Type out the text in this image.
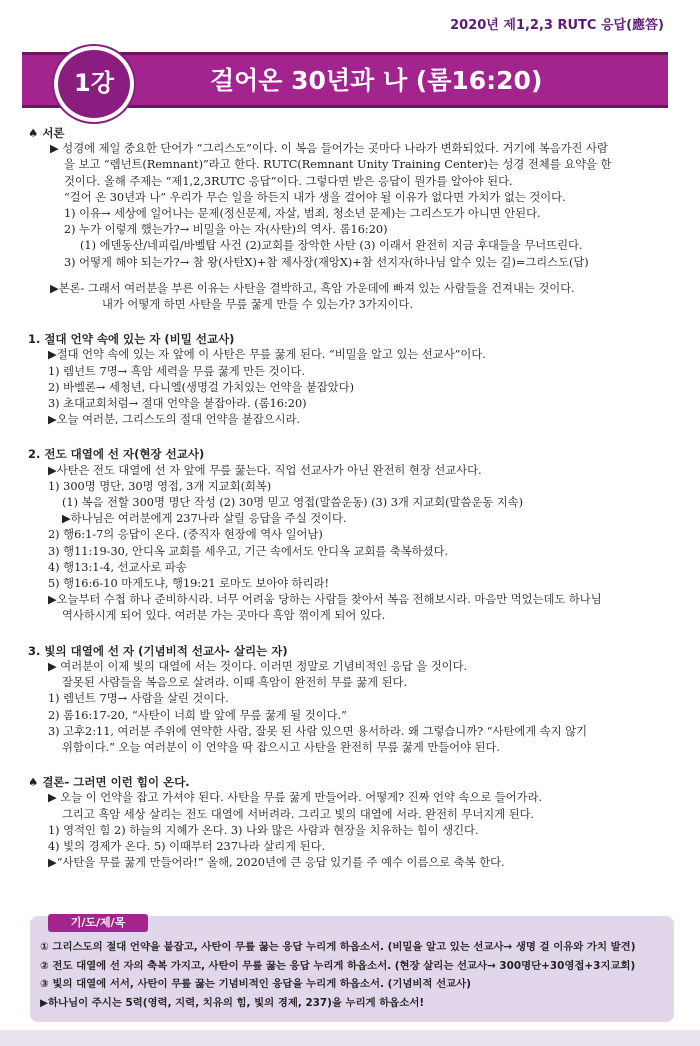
2020년 제1,2,3 RUTC 응답(應答)
1강	걸어온 30년과 나 (롬16:20)
♠ 서론
▶ 성경에 제일 중요한 단어가 “그리스도”이다. 이 복음 들어가는 곳마다 나라가 변화되었다. 거기에 복음가진 사람
을 보고 “렘넌트(Remnant)”라고 한다. RUTC(Remnant Unity Training Center)는 성경 전체를 요약을 한
것이다. 올해 주제는 “제1,2,3RUTC 응답”이다. 그렇다면 받은 응답이 뭔가를 알아야 된다.
“걸어 온 30년과 나” 우리가 무슨 일을 하든지 내가 생을 걸어야 될 이유가 없다면 가치가 없는 것이다.
1) 이유→ 세상에 일어나는 문제(정신문제, 자살, 범죄, 청소년 문제)는 그리스도가 아니면 안된다.
2) 누가 이렇게 했는가?→ 비밀을 아는 자(사탄)의 역사. 롬16:20)
(1) 에덴동산/네피림/바벨탑 사건 (2)교회를 장악한 사탄 (3) 이래서 완전히 지금 후대들을 무너뜨린다.
3) 어떻게 해야 되는가?→ 참 왕(사탄X)+참 제사장(재앙X)+참 선지자(하나님 알수 있는 길)=그리스도(답)
▶본론- 그래서 여러분을 부른 이유는 사탄을 결박하고, 흑암 가운데에 빠져 있는 사람들을 건져내는 것이다.
내가 어떻게 하면 사탄을 무릎 꿇게 만들 수 있는가? 3가지이다.
1. 절대 언약 속에 있는 자 (비밀 선교사)
▶절대 언약 속에 있는 자 앞에 이 사탄은 무릎 꿇게 된다. “비밀을 알고 있는 선교사”이다.
1) 렘넌트 7명→ 흑암 세력을 무릎 꿇게 만든 것이다.
2) 바벨론→ 세청년, 다니엘(생명걸 가치있는 언약을 붙잡았다)
3) 초대교회처럼→ 절대 언약을 붙잡아라. (롬16:20)
▶오늘 여러분, 그리스도의 절대 언약을 붙잡으시라.
2. 전도 대열에 선 자(현장 선교사)
▶사탄은 전도 대열에 선 자 앞에 무릎 꿇는다. 직업 선교사가 아닌 완전히 현장 선교사다.
1) 300명 명단, 30명 영접, 3개 지교회(회복)
(1) 복음 전할 300명 명단 작성 (2) 30명 믿고 영접(말씀운동) (3) 3개 지교회(말씀운동 지속)
▶하나님은 여러분에게 237나라 살릴 응답을 주실 것이다.
2) 행6:1-7의 응답이 온다. (중직자 현장에 역사 일어남)
3) 행11:19-30, 안디옥 교회를 세우고, 기근 속에서도 안디옥 교회를 축복하셨다.
4) 행13:1-4, 선교사로 파송
5) 행16:6-10 마게도냐, 행19:21 로마도 보아야 하리라!
▶오늘부터 수첩 하나 준비하시라. 너무 어려움 당하는 사람들 찾아서 복음 전해보시라. 마음만 먹었는데도 하나님
역사하시게 되어 있다. 여러분 가는 곳마다 흑암 꺾이게 되어 있다.
3. 빛의 대열에 선 자 (기념비적 선교사- 살리는 자)
▶ 여러분이 이제 빛의 대열에 서는 것이다. 이러면 정말로 기념비적인 응답 을 것이다.
잘못된 사람들을 복음으로 살려라. 이때 흑암이 완전히 무릎 꿇게 된다.
1) 렘넌트 7명→ 사람을 살린 것이다.
2) 롬16:17-20, “사탄이 너희 발 앞에 무릎 꿇게 될 것이다.”
3) 고후2:11, 여러분 주위에 연약한 사람, 잘못 된 사람 있으면 용서하라. 왜 그렇습니까? “사탄에게 속지 않기
위함이다.” 오늘 여러분이 이 언약을 딱 잡으시고 사탄을 완전히 무릎 꿇게 만들어야 된다.
♠ 결론- 그러면 이런 힘이 온다.
▶ 오늘 이 언약을 잡고 가셔야 된다. 사탄을 무릎 꿇게 만들어라. 어떻게? 진짜 언약 속으로 들어가라.
그리고 흑암 세상 살리는 전도 대열에 서버려라. 그리고 빛의 대열에 서라. 완전히 무너지게 된다.
1) 영적인 힘 2) 하늘의 지혜가 온다. 3) 나와 많은 사람과 현장을 치유하는 힘이 생긴다.
4) 빛의 경제가 온다. 5) 이때부터 237나라 살리게 된다.
▶“사탄을 무릎 꿇게 만들어라!” 올해, 2020년에 큰 응답 있기를 주 예수 이름으로 축복 한다.
기/도/제/목
① 그리스도의 절대 언약을 붙잡고, 사탄이 무릎 꿇는 응답 누리게 하옵소서. (비밀을 알고 있는 선교사→ 생명 걸 이유와 가치 발견)
② 전도 대열에 선 자의 축복 가지고, 사탄이 무릎 꿇는 응답 누리게 하옵소서. (현장 살리는 선교사→ 300명단+30영접+3지교회)
③ 빛의 대열에 서서, 사탄이 무릎 꿇는 기념비적인 응답을 누리게 하옵소서. (기념비적 선교사)
▶하나님이 주시는 5력(영력, 지력, 치유의 힘, 빛의 경제, 237)을 누리게 하옵소서!
